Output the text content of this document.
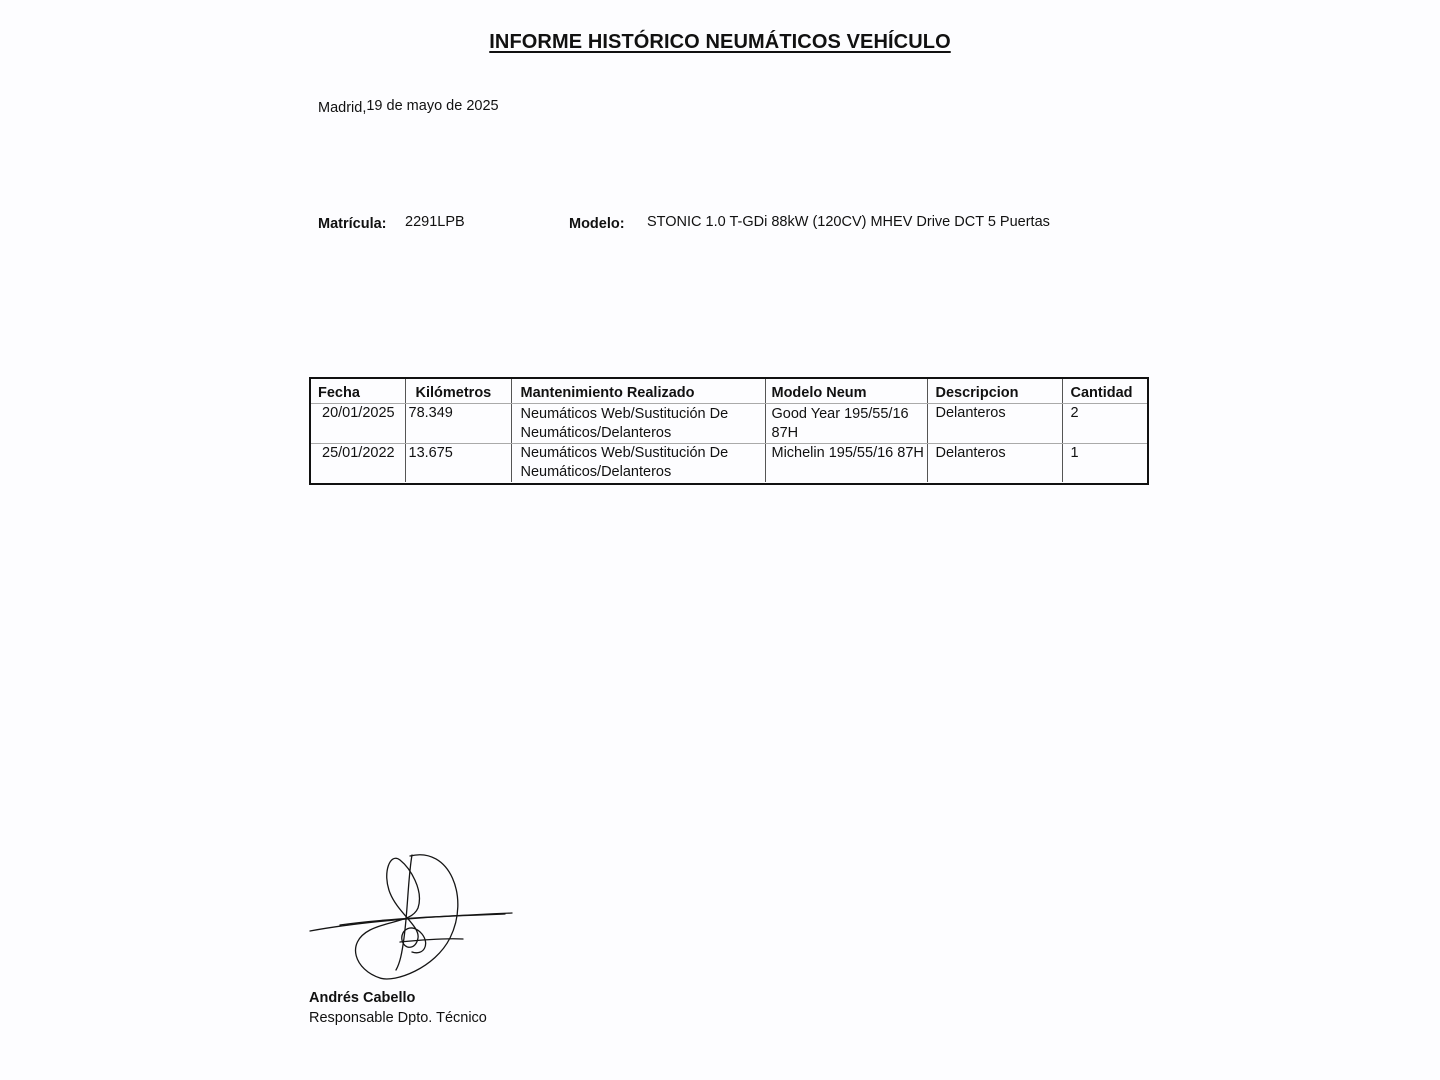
INFORME HISTÓRICO NEUMÁTICOS VEHÍCULO
Madrid,19 de mayo de 2025
Matrícula: 2291LPB	Modelo: STONIC 1.0 T-GDi 88kW (120CV) MHEV Drive DCT 5 Puertas
Fecha	Kilómetros	Mantenimiento Realizado	Modelo Neum	Descripcion	Cantidad
20/01/2025	78.349	Neumáticos Web/Sustitución De Neumáticos/Delanteros	Good Year 195/55/16 87H	Delanteros	2
25/01/2022	13.675	Neumáticos Web/Sustitución De Neumáticos/Delanteros	Michelin 195/55/16 87H	Delanteros	1
Andrés Cabello
Responsable Dpto. Técnico
